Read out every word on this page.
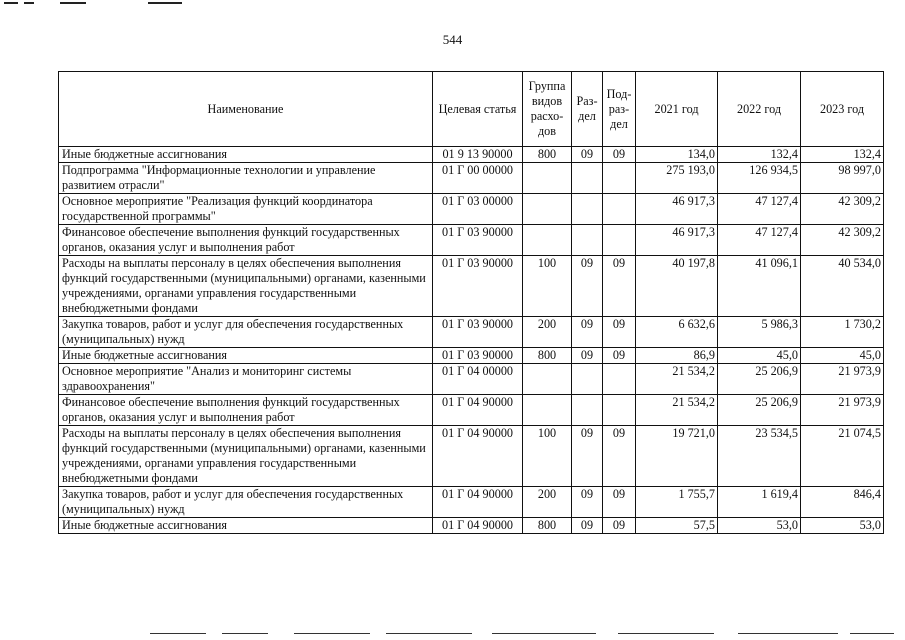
544
Наименование	Целевая статья	Группа видов расхо-дов	Раз-дел	Под-раз-дел	2021 год	2022 год	2023 год
Иные бюджетные ассигнования	01 9 13 90000	800	09	09	134,0	132,4	132,4
Подпрограмма "Информационные технологии и управление развитием отрасли"	01 Г 00 00000				275 193,0	126 934,5	98 997,0
Основное мероприятие "Реализация функций координатора государственной программы"	01 Г 03 00000				46 917,3	47 127,4	42 309,2
Финансовое обеспечение выполнения функций государственных органов, оказания услуг и выполнения работ	01 Г 03 90000				46 917,3	47 127,4	42 309,2
Расходы на выплаты персоналу в целях обеспечения выполнения функций государственными (муниципальными) органами, казенными учреждениями, органами управления государственными внебюджетными фондами	01 Г 03 90000	100	09	09	40 197,8	41 096,1	40 534,0
Закупка товаров, работ и услуг для обеспечения государственных (муниципальных) нужд	01 Г 03 90000	200	09	09	6 632,6	5 986,3	1 730,2
Иные бюджетные ассигнования	01 Г 03 90000	800	09	09	86,9	45,0	45,0
Основное мероприятие "Анализ и мониторинг системы здравоохранения"	01 Г 04 00000				21 534,2	25 206,9	21 973,9
Финансовое обеспечение выполнения функций государственных органов, оказания услуг и выполнения работ	01 Г 04 90000				21 534,2	25 206,9	21 973,9
Расходы на выплаты персоналу в целях обеспечения выполнения функций государственными (муниципальными) органами, казенными учреждениями, органами управления государственными внебюджетными фондами	01 Г 04 90000	100	09	09	19 721,0	23 534,5	21 074,5
Закупка товаров, работ и услуг для обеспечения государственных (муниципальных) нужд	01 Г 04 90000	200	09	09	1 755,7	1 619,4	846,4
Иные бюджетные ассигнования	01 Г 04 90000	800	09	09	57,5	53,0	53,0
